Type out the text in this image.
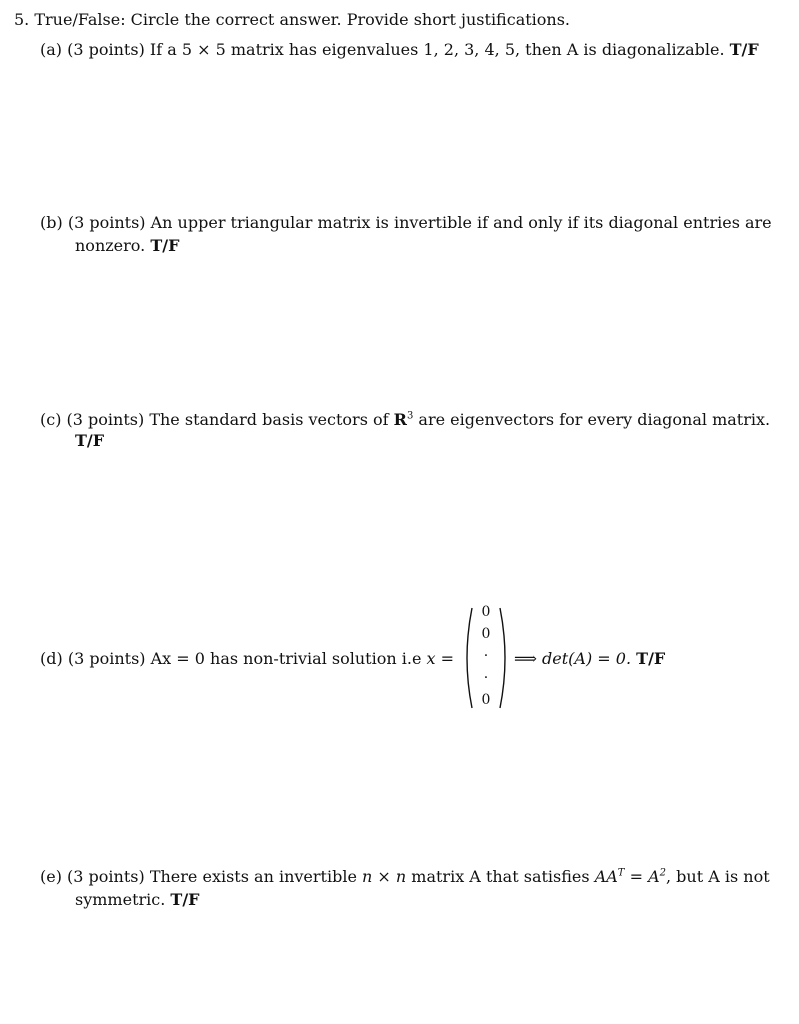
5. True/False: Circle the correct answer. Provide short justifications.
(a) (3 points) If a 5 × 5 matrix has eigenvalues 1, 2, 3, 4, 5, then A is diagonalizable. T/F
(b) (3 points) An upper triangular matrix is invertible if and only if its diagonal entries are
nonzero. T/F
(c) (3 points) The standard basis vectors of $R^3$ are eigenvectors for every diagonal matrix.
T/F
(d) (3 points) Ax = 0 has non-trivial solution i.e x =
0
0
·
·
0
⟹ det(A) = 0. T/F
(e) (3 points) There exists an invertible n × n matrix A that satisfies $AA^T = A^2$, but A is not
symmetric. T/F
